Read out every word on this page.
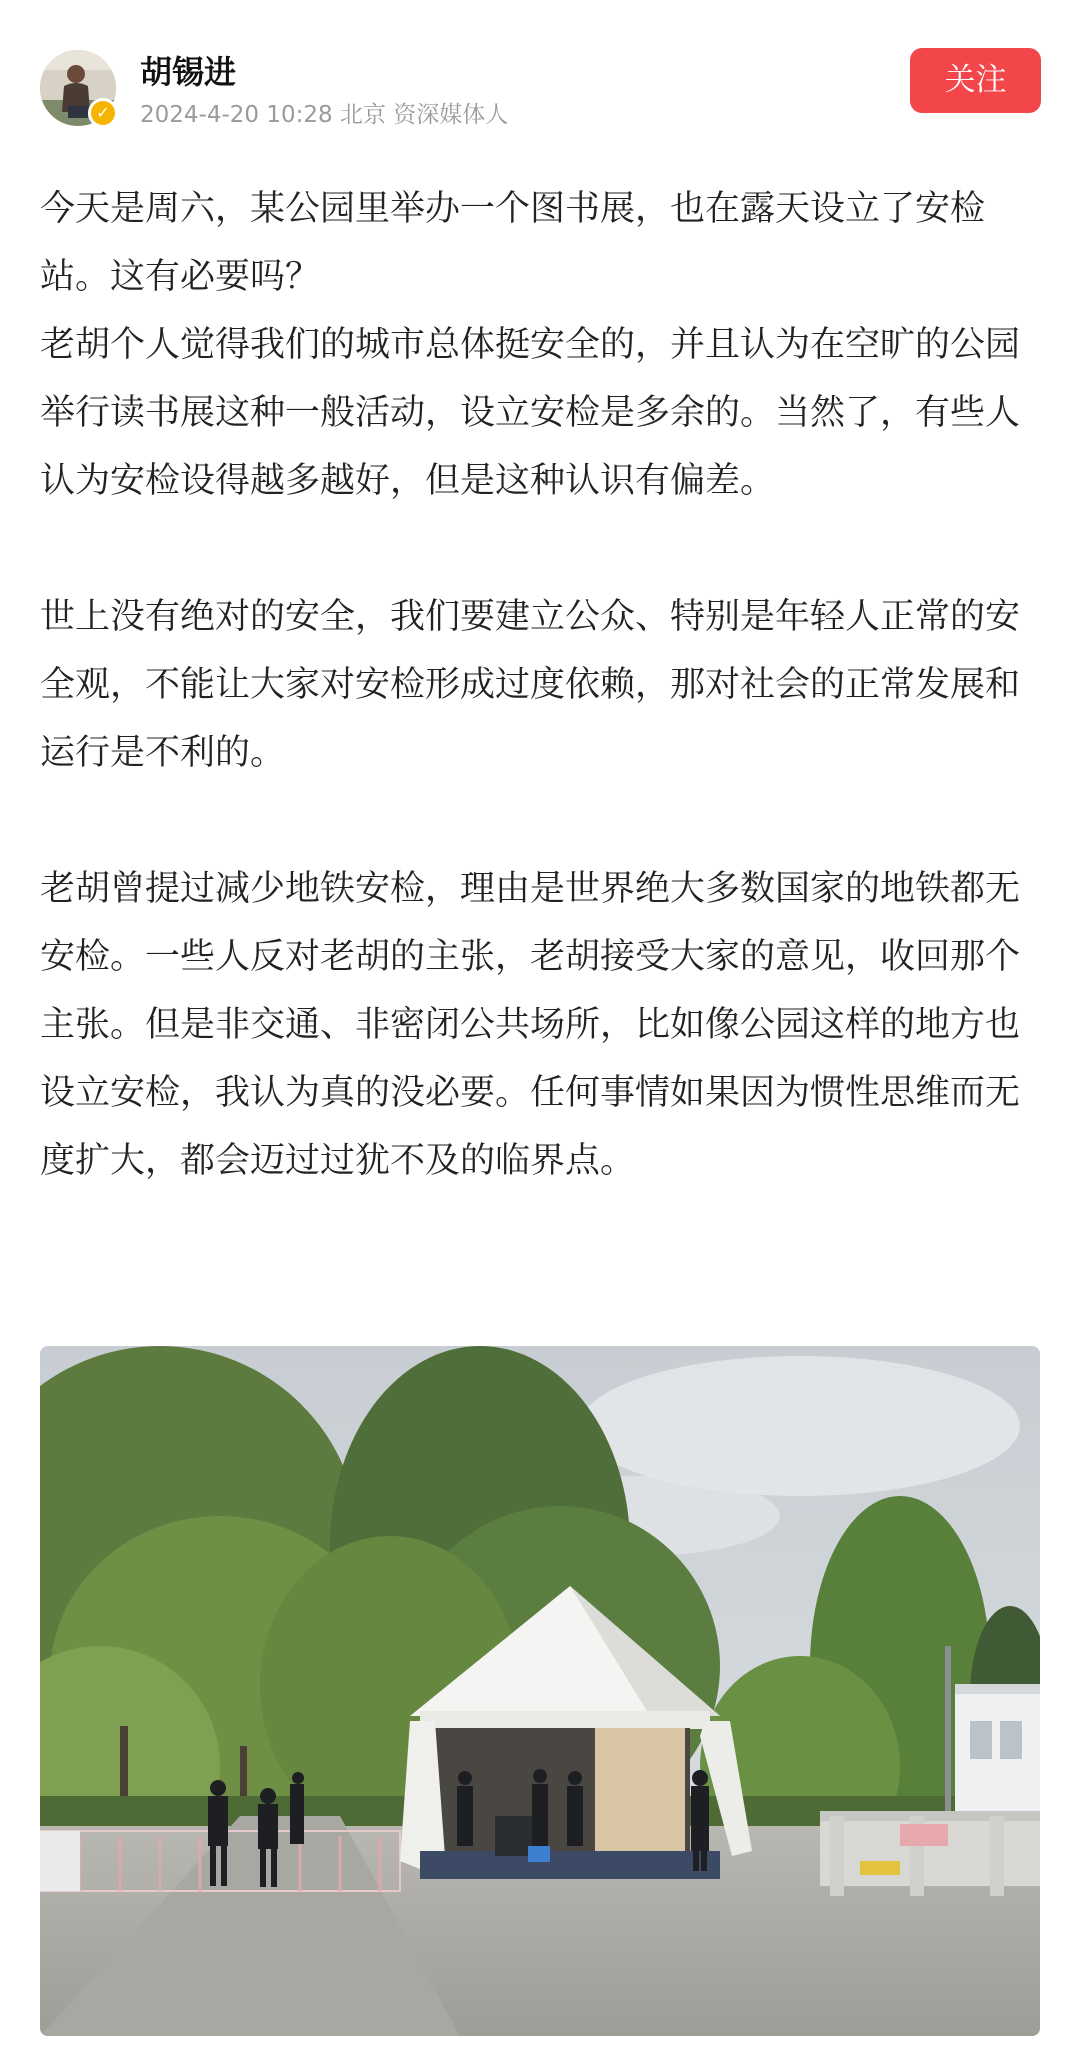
✓
胡锡进
2024-4-20 10:28 北京 资深媒体人
关注

今天是周六，某公园里举办一个图书展，也在露天设立了安检站。这有必要吗？

老胡个人觉得我们的城市总体挺安全的，并且认为在空旷的公园举行读书展这种一般活动，设立安检是多余的。当然了，有些人认为安检设得越多越好，但是这种认识有偏差。

世上没有绝对的安全，我们要建立公众、特别是年轻人正常的安全观，不能让大家对安检形成过度依赖，那对社会的正常发展和运行是不利的。

老胡曾提过减少地铁安检，理由是世界绝大多数国家的地铁都无安检。一些人反对老胡的主张，老胡接受大家的意见，收回那个主张。但是非交通、非密闭公共场所，比如像公园这样的地方也设立安检，我认为真的没必要。任何事情如果因为惯性思维而无度扩大，都会迈过过犹不及的临界点。
